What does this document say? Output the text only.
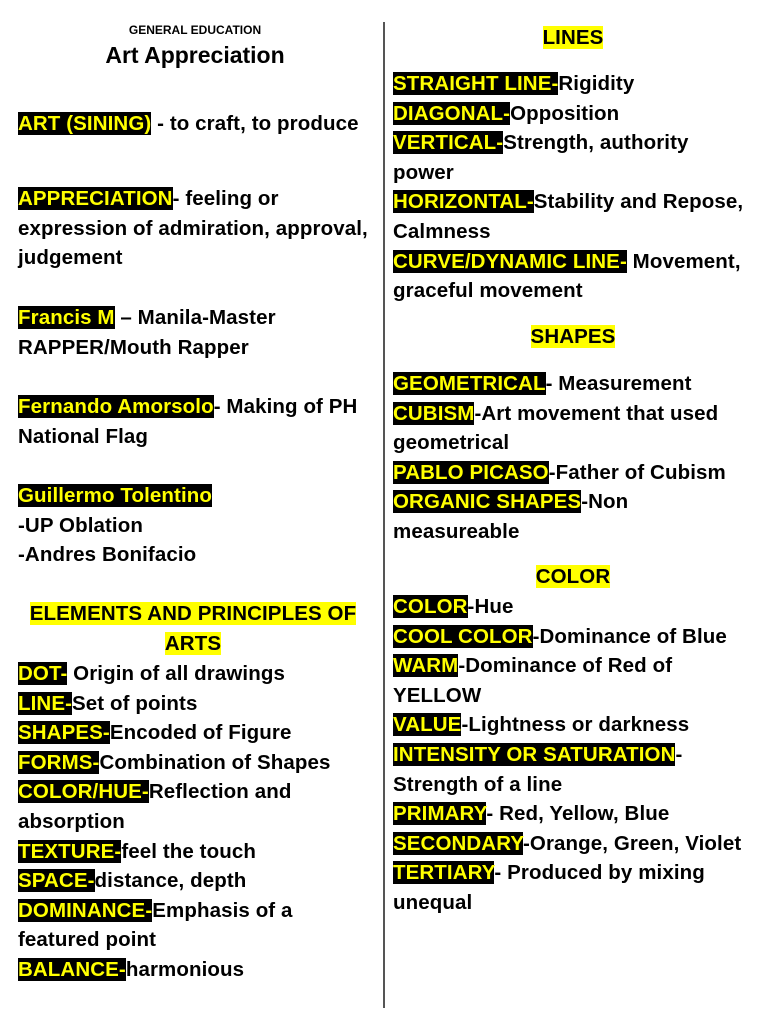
GENERAL EDUCATION
Art Appreciation

ART (SINING) - to craft, to produce

APPRECIATION- feeling or expression of admiration, approval, judgement

Francis M – Manila-Master RAPPER/Mouth Rapper

Fernando Amorsolo- Making of PH National Flag

Guillermo Tolentino

-UP Oblation

-Andres Bonifacio

ELEMENTS AND PRINCIPLES OF

ARTS

DOT- Origin of all drawings

LINE-Set of points

SHAPES-Encoded of Figure

FORMS-Combination of Shapes

COLOR/HUE-Reflection and absorption

TEXTURE-feel the touch

SPACE-distance, depth

DOMINANCE-Emphasis of a featured point

BALANCE-harmonious

LINES

STRAIGHT LINE-Rigidity

DIAGONAL-Opposition

VERTICAL-Strength, authority power

HORIZONTAL-Stability and Repose, Calmness

CURVE/DYNAMIC LINE- Movement, graceful movement

SHAPES

GEOMETRICAL- Measurement

CUBISM-Art movement that used geometrical

PABLO PICASO-Father of Cubism

ORGANIC SHAPES-Non measureable

COLOR

COLOR-Hue

COOL COLOR-Dominance of Blue

WARM-Dominance of Red of YELLOW

VALUE-Lightness or darkness

INTENSITY OR SATURATION- Strength of a line

PRIMARY- Red, Yellow, Blue

SECONDARY-Orange, Green, Violet

TERTIARY- Produced by mixing unequal
